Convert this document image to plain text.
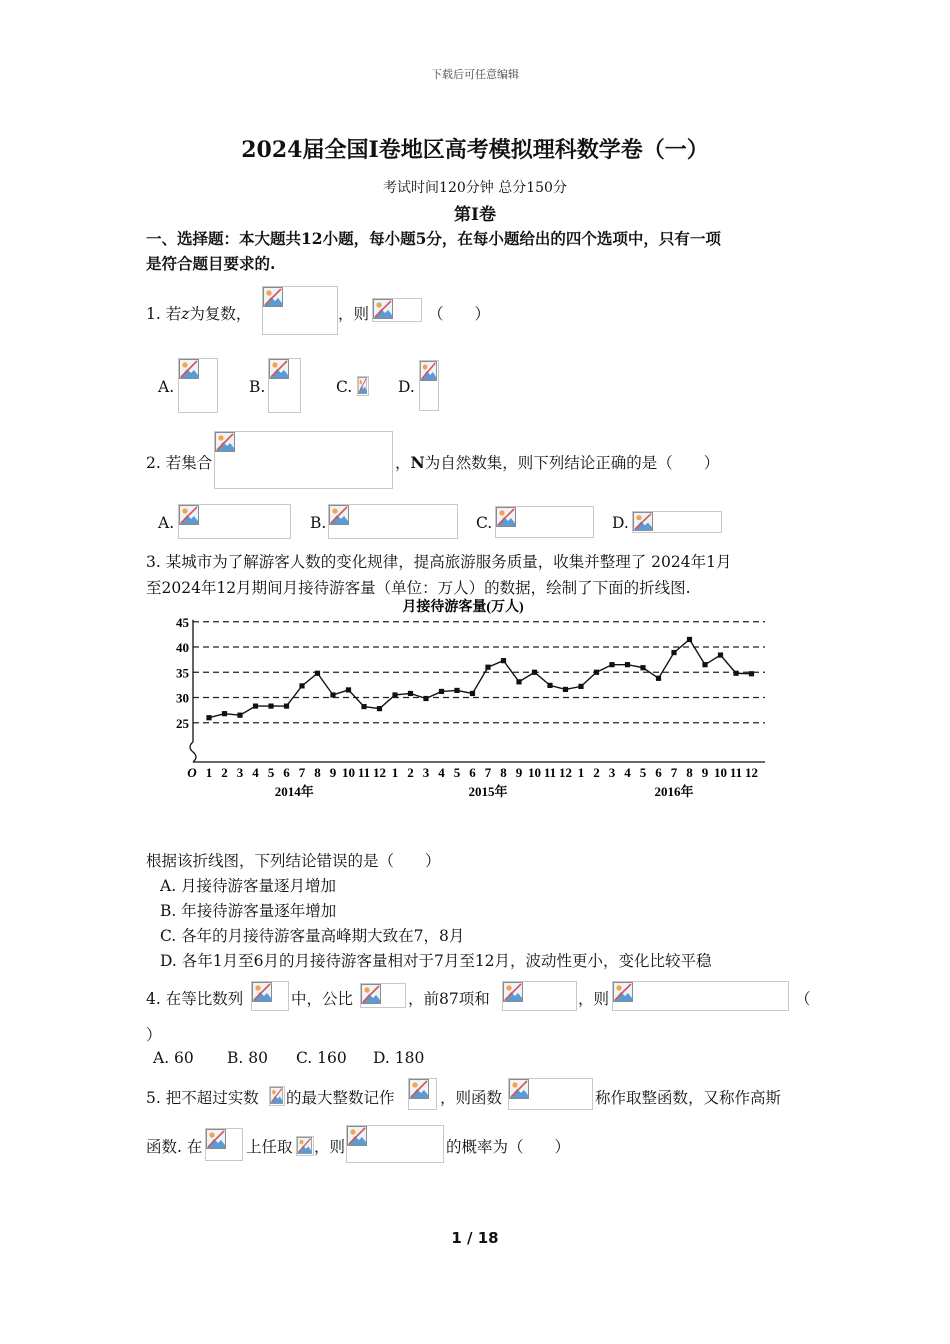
下载后可任意编辑
2024届全国I卷地区高考模拟理科数学卷（一）
考试时间120分钟 总分150分
第Ⅰ卷
一、选择题：本大题共12小题，每小题5分，在每小题给出的四个选项中，只有一项
是符合题目要求的.
1. 若z为复数，	，则	（　　）
A.	B.	C.	D.
2. 若集合	，N为自然数集，则下列结论正确的是（　　）
A.	B.	C.	D.
3. 某城市为了解游客人数的变化规律，提高旅游服务质量，收集并整理了 2024年1月
至2024年12月期间月接待游客量（单位：万人）的数据，绘制了下面的折线图.
月接待游客量(万人)
25
30
35
40
45
O 1 2 3 4 5 6 7 8 9 10 11 12 1 2 3 4 5 6 7 8 9 10 11 12 1 2 3 4 5 6 7 8 9 10 11 12
2014年	2015年	2016年
根据该折线图，下列结论错误的是（　　）
A. 月接待游客量逐月增加
B. 年接待游客量逐年增加
C. 各年的月接待游客量高峰期大致在7，8月
D. 各年1月至6月的月接待游客量相对于7月至12月，波动性更小，变化比较平稳
4. 在等比数列	中，公比	，前87项和	，则	（
）
A. 60 B. 80 C. 160 D. 180
5. 把不超过实数 的最大整数记作	，则函数	称作取整函数，又称作高斯
函数. 在	上任取 ，则	的概率为（　　）
1 / 18
